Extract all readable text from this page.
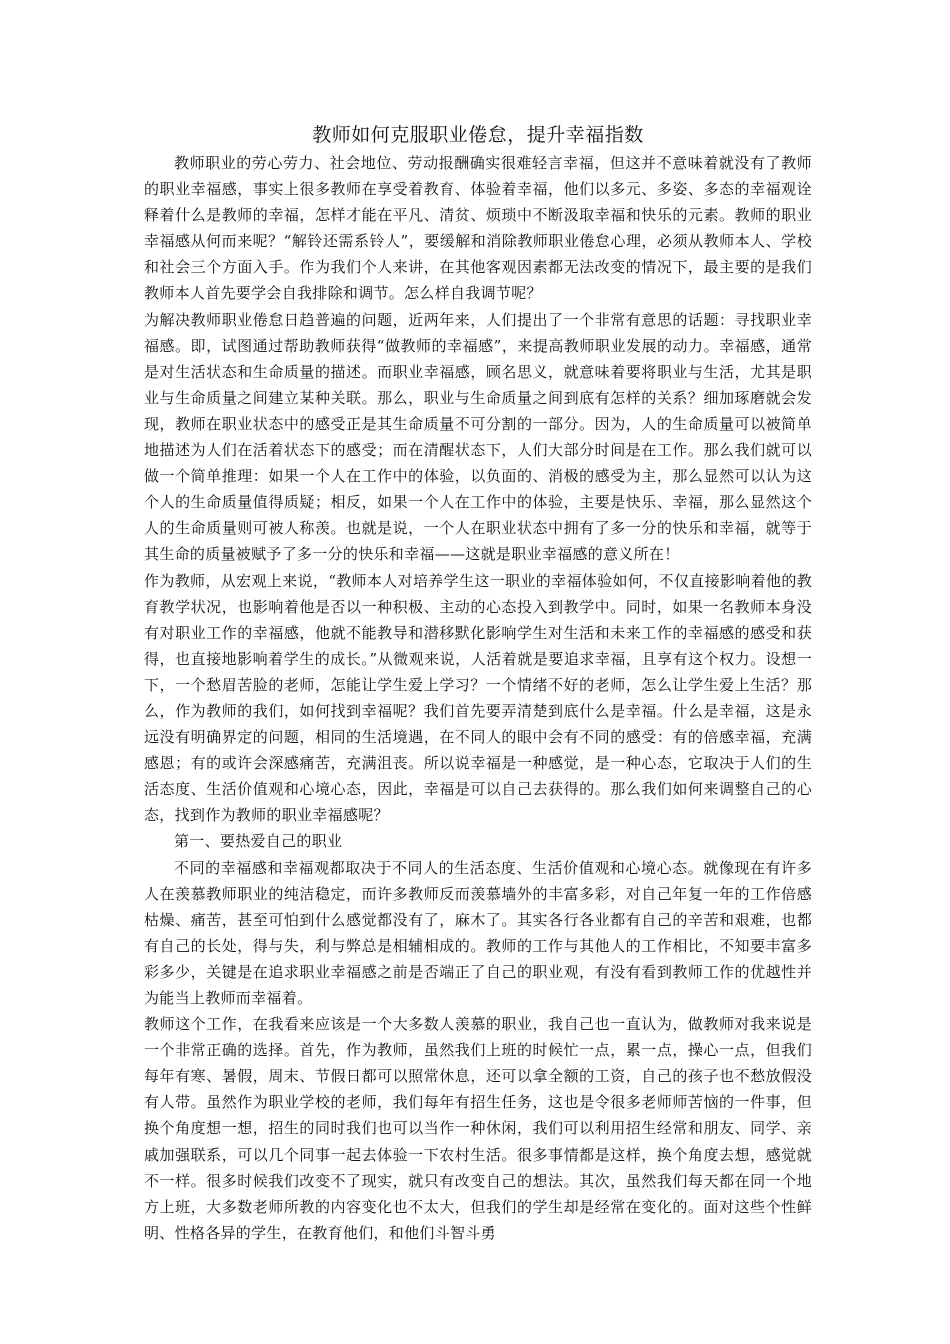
教师如何克服职业倦怠，提升幸福指数

教师职业的劳心劳力、社会地位、劳动报酬确实很难轻言幸福，但这并不意味着就没有了教师的职业幸福感，事实上很多教师在享受着教育、体验着幸福，他们以多元、多姿、多态的幸福观诠释着什么是教师的幸福，怎样才能在平凡、清贫、烦琐中不断汲取幸福和快乐的元素。教师的职业幸福感从何而来呢？“解铃还需系铃人”，要缓解和消除教师职业倦怠心理，必须从教师本人、学校和社会三个方面入手。作为我们个人来讲，在其他客观因素都无法改变的情况下，最主要的是我们教师本人首先要学会自我排除和调节。怎么样自我调节呢？

为解决教师职业倦怠日趋普遍的问题，近两年来，人们提出了一个非常有意思的话题：寻找职业幸福感。即，试图通过帮助教师获得“做教师的幸福感”，来提高教师职业发展的动力。幸福感，通常是对生活状态和生命质量的描述。而职业幸福感，顾名思义，就意味着要将职业与生活，尤其是职业与生命质量之间建立某种关联。那么，职业与生命质量之间到底有怎样的关系？细加琢磨就会发现，教师在职业状态中的感受正是其生命质量不可分割的一部分。因为，人的生命质量可以被简单地描述为人们在活着状态下的感受；而在清醒状态下，人们大部分时间是在工作。那么我们就可以做一个简单推理：如果一个人在工作中的体验，以负面的、消极的感受为主，那么显然可以认为这个人的生命质量值得质疑；相反，如果一个人在工作中的体验，主要是快乐、幸福，那么显然这个人的生命质量则可被人称羡。也就是说，一个人在职业状态中拥有了多一分的快乐和幸福，就等于其生命的质量被赋予了多一分的快乐和幸福——这就是职业幸福感的意义所在！

作为教师，从宏观上来说，“教师本人对培养学生这一职业的幸福体验如何，不仅直接影响着他的教育教学状况，也影响着他是否以一种积极、主动的心态投入到教学中。同时，如果一名教师本身没有对职业工作的幸福感，他就不能教导和潜移默化影响学生对生活和未来工作的幸福感的感受和获得，也直接地影响着学生的成长。”从微观来说，人活着就是要追求幸福，且享有这个权力。设想一下，一个愁眉苦脸的老师，怎能让学生爱上学习？一个情绪不好的老师，怎么让学生爱上生活？那么，作为教师的我们，如何找到幸福呢？我们首先要弄清楚到底什么是幸福。什么是幸福，这是永远没有明确界定的问题，相同的生活境遇，在不同人的眼中会有不同的感受：有的倍感幸福，充满感恩；有的或许会深感痛苦，充满沮丧。所以说幸福是一种感觉，是一种心态，它取决于人们的生活态度、生活价值观和心境心态，因此，幸福是可以自己去获得的。那么我们如何来调整自己的心态，找到作为教师的职业幸福感呢？

第一、要热爱自己的职业

不同的幸福感和幸福观都取决于不同人的生活态度、生活价值观和心境心态。就像现在有许多人在羡慕教师职业的纯洁稳定，而许多教师反而羡慕墙外的丰富多彩，对自己年复一年的工作倍感枯燥、痛苦，甚至可怕到什么感觉都没有了，麻木了。其实各行各业都有自己的辛苦和艰难，也都有自己的长处，得与失，利与弊总是相辅相成的。教师的工作与其他人的工作相比，不知要丰富多彩多少，关键是在追求职业幸福感之前是否端正了自己的职业观，有没有看到教师工作的优越性并为能当上教师而幸福着。

教师这个工作，在我看来应该是一个大多数人羡慕的职业，我自己也一直认为，做教师对我来说是一个非常正确的选择。首先，作为教师，虽然我们上班的时候忙一点，累一点，操心一点，但我们每年有寒、暑假，周末、节假日都可以照常休息，还可以拿全额的工资，自己的孩子也不愁放假没有人带。虽然作为职业学校的老师，我们每年有招生任务，这也是令很多老师师苦恼的一件事，但换个角度想一想，招生的同时我们也可以当作一种休闲，我们可以利用招生经常和朋友、同学、亲戚加强联系，可以几个同事一起去体验一下农村生活。很多事情都是这样，换个角度去想，感觉就不一样。很多时候我们改变不了现实，就只有改变自己的想法。其次，虽然我们每天都在同一个地方上班，大多数老师所教的内容变化也不太大，但我们的学生却是经常在变化的。面对这些个性鲜明、性格各异的学生，在教育他们，和他们斗智斗勇
